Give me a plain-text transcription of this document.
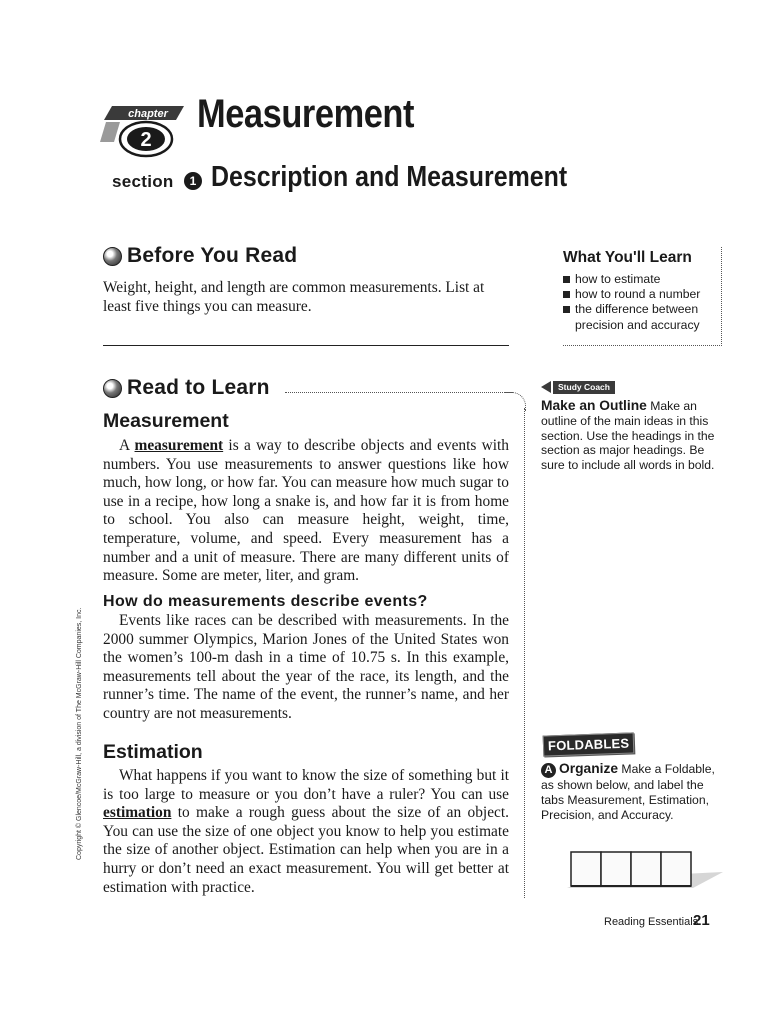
chapter
2
Measurement
section	1 Description and Measurement
Before You Read
Weight, height, and length are common measurements. List at least five things you can measure.
What You'll Learn
how to estimate
how to round a number
the difference between precision and accuracy
Read to Learn
Measurement

A measurement is a way to describe objects and events with numbers. You use measurements to answer questions like how much, how long, or how far. You can measure how much sugar to use in a recipe, how long a snake is, and how far it is from home to school. You also can measure height, weight, time, temperature, volume, and speed. Every measurement has a number and a unit of measure. There are many different units of measure. Some are meter, liter, and gram.

How do measurements describe events?

Events like races can be described with measurements. In the 2000 summer Olympics, Marion Jones of the United States won the women’s 100-m dash in a time of 10.75 s. In this example, measurements tell about the year of the race, its length, and the runner’s time. The name of the event, the runner’s name, and her country are not measurements.

Estimation

What happens if you want to know the size of something but it is too large to measure or you don’t have a ruler? You can use estimation to make a rough guess about the size of an object. You can use the size of one object you know to help you estimate the size of another object. Estimation can help when you are in a hurry or don’t need an exact measurement. You will get better at estimation with practice.

Study Coach
Make an Outline Make an outline of the main ideas in this section. Use the headings in the section as major headings. Be sure to include all words in bold.
FOLDABLES
A Organize Make a Foldable, as shown below, and label the tabs Measurement, Estimation, Precision, and Accuracy.
Copyright © Glencoe/McGraw-Hill, a division of The McGraw-Hill Companies, Inc.
Reading Essentials
21
